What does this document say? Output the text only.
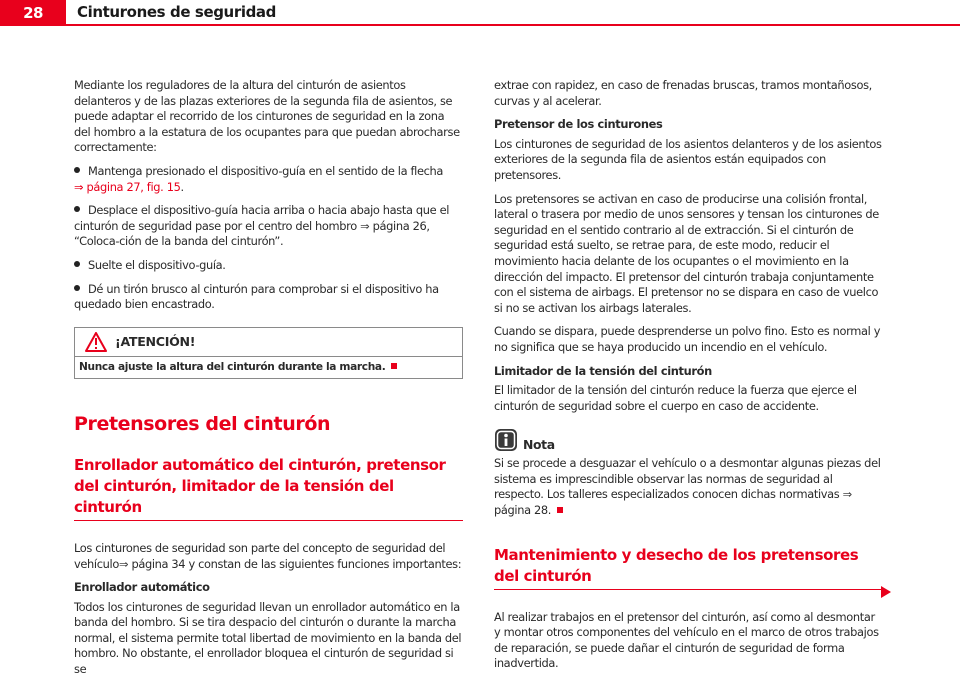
28	Cinturones de seguridad

Mediante los reguladores de la altura del cinturón de asientos delanteros y de las plazas exteriores de la segunda fila de asientos, se puede adaptar el recorrido de los cinturones de seguridad en la zona del hombro a la estatura de los ocupantes para que puedan abrocharse correctamente:

Mantenga presionado el dispositivo-guía en el sentido de la flecha
⇒ página 27, fig. 15.
Desplace el dispositivo-guía hacia arriba o hacia abajo hasta que el cinturón de seguridad pase por el centro del hombro ⇒ página 26, “Coloca-ción de la banda del cinturón”.
Suelte el dispositivo-guía.
Dé un tirón brusco al cinturón para comprobar si el dispositivo ha quedado bien encastrado.
¡ATENCIÓN!
Nunca ajuste la altura del cinturón durante la marcha.
Pretensores del cinturón
Enrollador automático del cinturón, pretensor del cinturón, limitador de la tensión del cinturón

Los cinturones de seguridad son parte del concepto de seguridad del vehículo⇒ página 34 y constan de las siguientes funciones importantes:

Enrollador automático

Todos los cinturones de seguridad llevan un enrollador automático en la banda del hombro. Si se tira despacio del cinturón o durante la marcha normal, el sistema permite total libertad de movimiento en la banda del hombro. No obstante, el enrollador bloquea el cinturón de seguridad si se

extrae con rapidez, en caso de frenadas bruscas, tramos montañosos, curvas y al acelerar.

Pretensor de los cinturones

Los cinturones de seguridad de los asientos delanteros y de los asientos exteriores de la segunda fila de asientos están equipados con pretensores.

Los pretensores se activan en caso de producirse una colisión frontal, lateral o trasera por medio de unos sensores y tensan los cinturones de seguridad en el sentido contrario al de extracción. Si el cinturón de seguridad está suelto, se retrae para, de este modo, reducir el movimiento hacia delante de los ocupantes o el movimiento en la dirección del impacto. El pretensor del cinturón trabaja conjuntamente con el sistema de airbags. El pretensor no se dispara en caso de vuelco si no se activan los airbags laterales.

Cuando se dispara, puede desprenderse un polvo fino. Esto es normal y no significa que se haya producido un incendio en el vehículo.

Limitador de la tensión del cinturón

El limitador de la tensión del cinturón reduce la fuerza que ejerce el cinturón de seguridad sobre el cuerpo en caso de accidente.

Nota

Si se procede a desguazar el vehículo o a desmontar algunas piezas del sistema es imprescindible observar las normas de seguridad al respecto. Los talleres especializados conocen dichas normativas ⇒ página 28.

Mantenimiento y desecho de los pretensores del cinturón

Al realizar trabajos en el pretensor del cinturón, así como al desmontar y montar otros componentes del vehículo en el marco de otros trabajos de reparación, se puede dañar el cinturón de seguridad de forma inadvertida.
